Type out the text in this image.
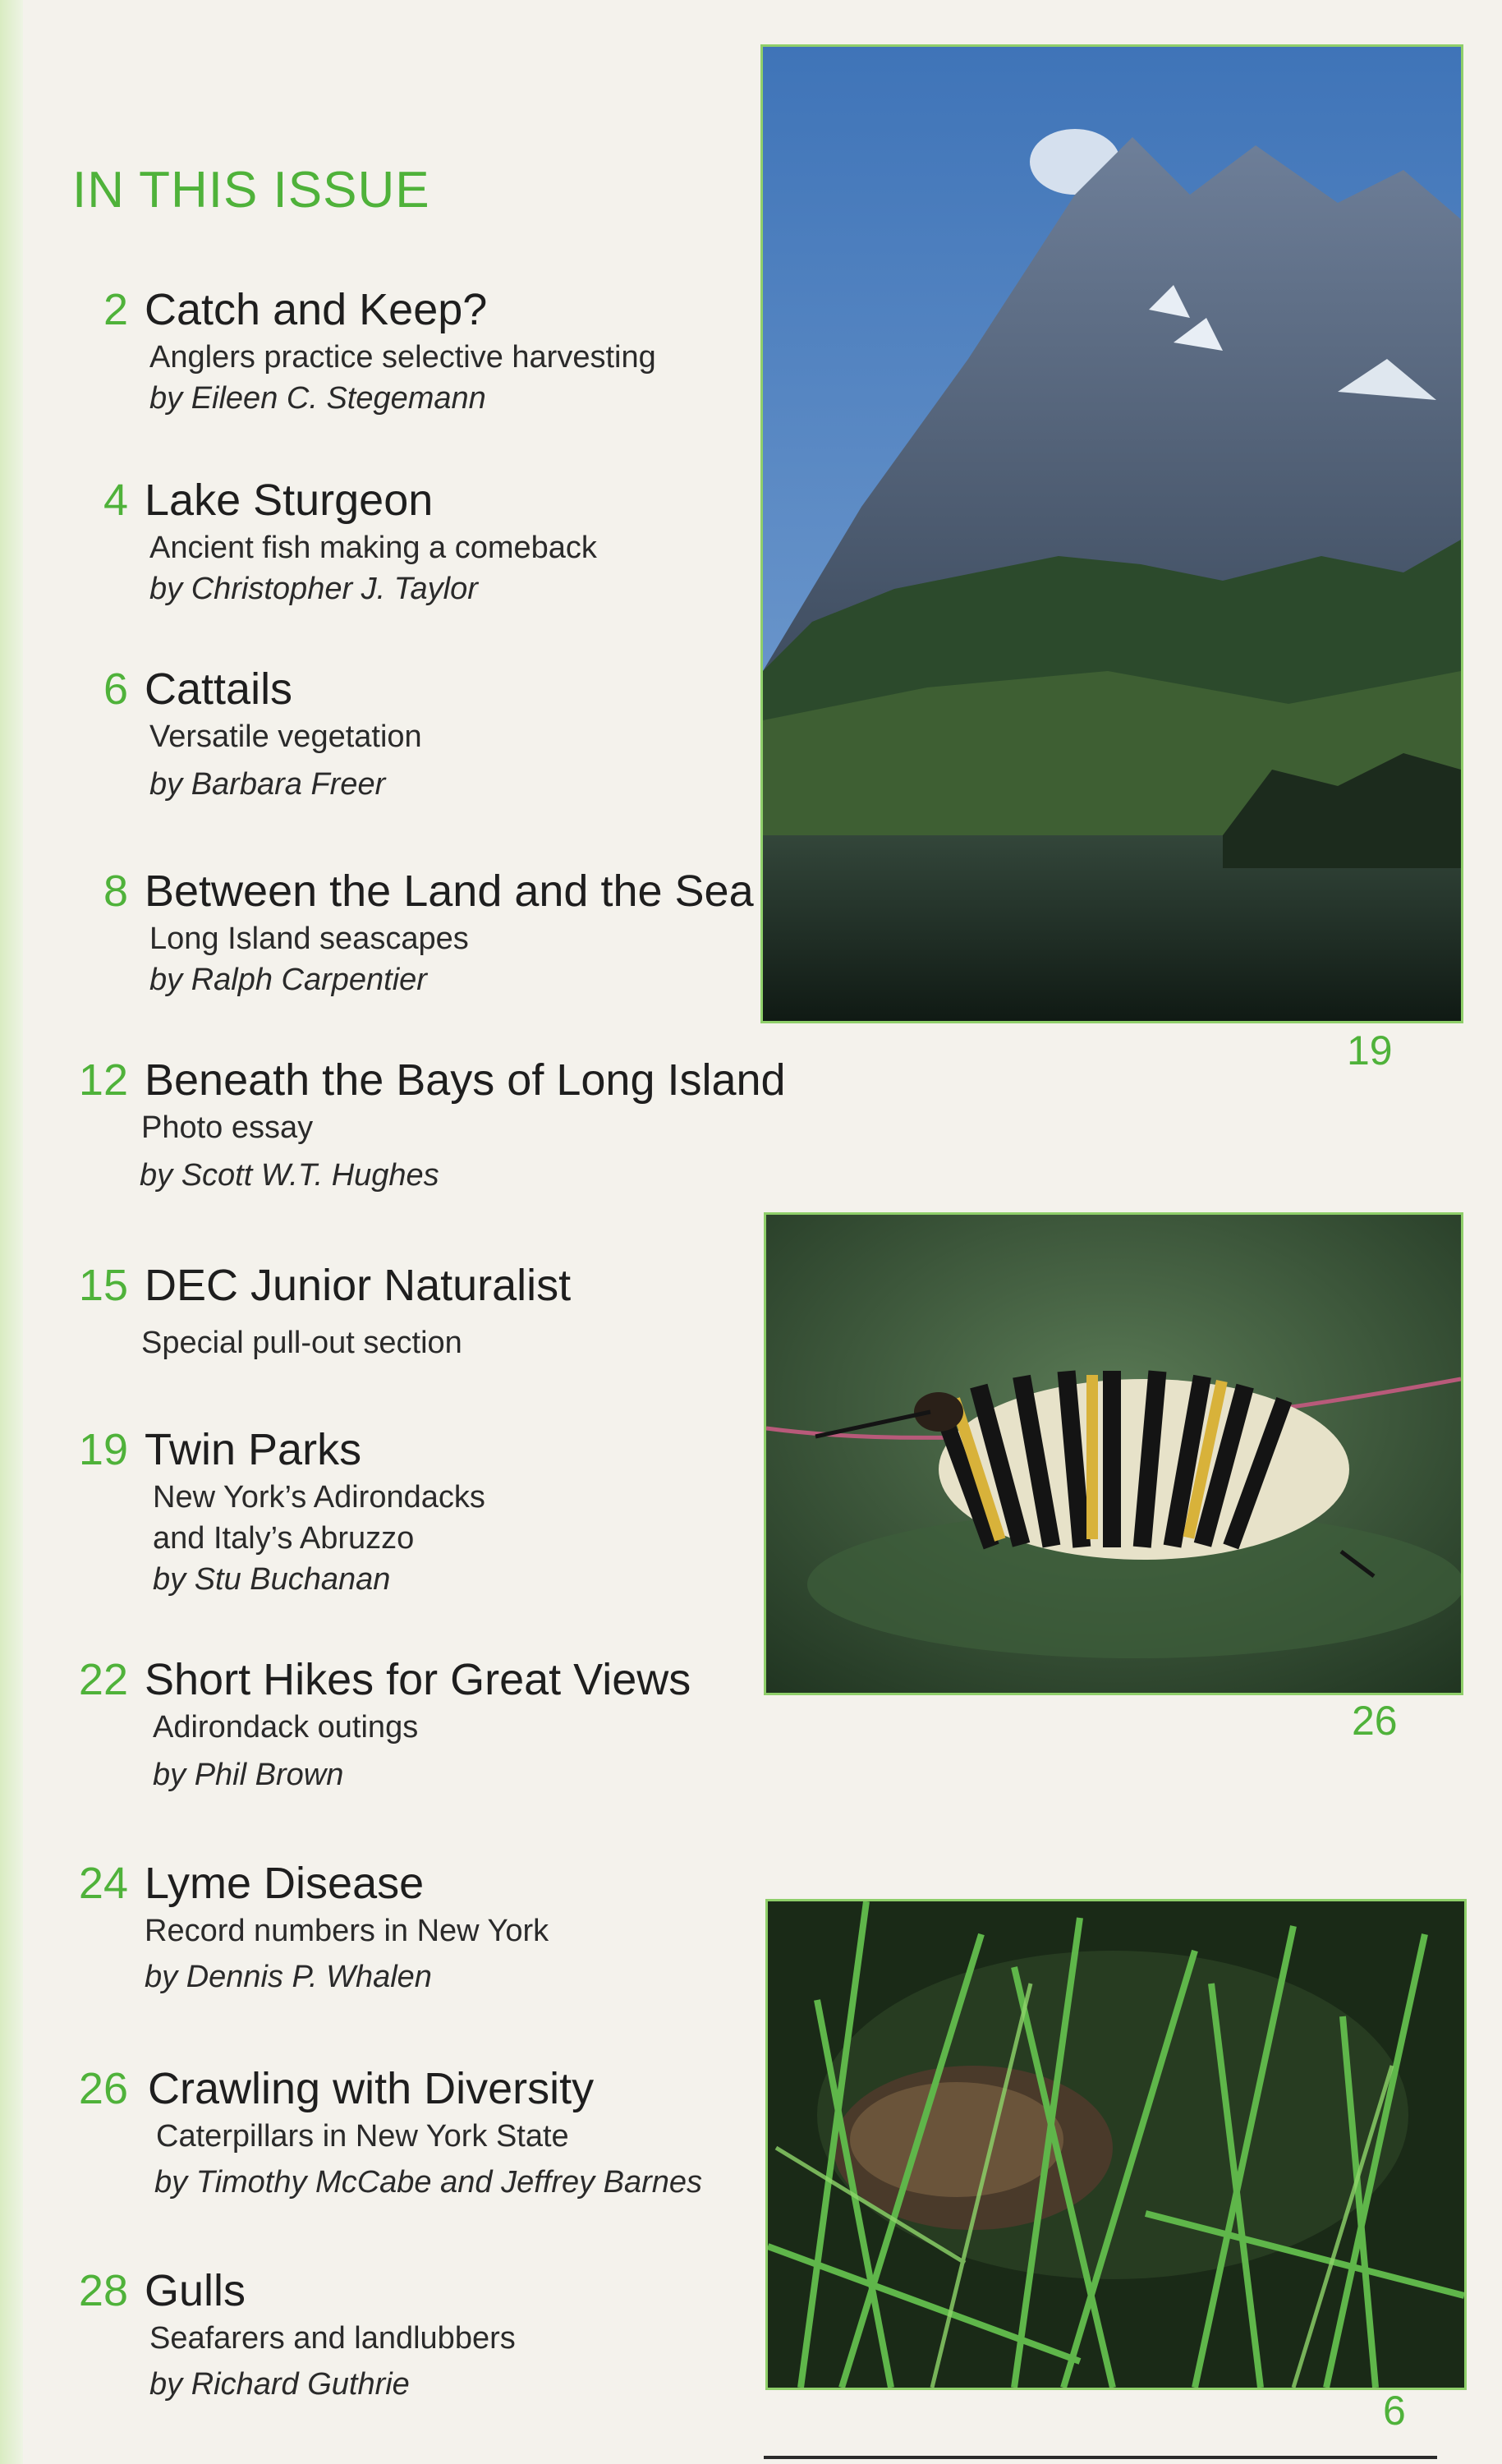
IN THIS ISSUE
2 Catch and Keep?
Anglers practice selective harvesting
by Eileen C. Stegemann
4 Lake Sturgeon
Ancient fish making a comeback
by Christopher J. Taylor
6 Cattails
Versatile vegetation
by Barbara Freer
8 Between the Land and the Sea
Long Island seascapes
by Ralph Carpentier
12 Beneath the Bays of Long Island
Photo essay
by Scott W.T. Hughes
15 DEC Junior Naturalist
Special pull-out section
19 Twin Parks
New York’s Adirondacks
and Italy’s Abruzzo
by Stu Buchanan
22 Short Hikes for Great Views
Adirondack outings
by Phil Brown
24 Lyme Disease
Record numbers in New York
by Dennis P. Whalen
26 Crawling with Diversity
Caterpillars in New York State
by Timothy McCabe and Jeffrey Barnes
28 Gulls
Seafarers and landlubbers
by Richard Guthrie
19
26
6
